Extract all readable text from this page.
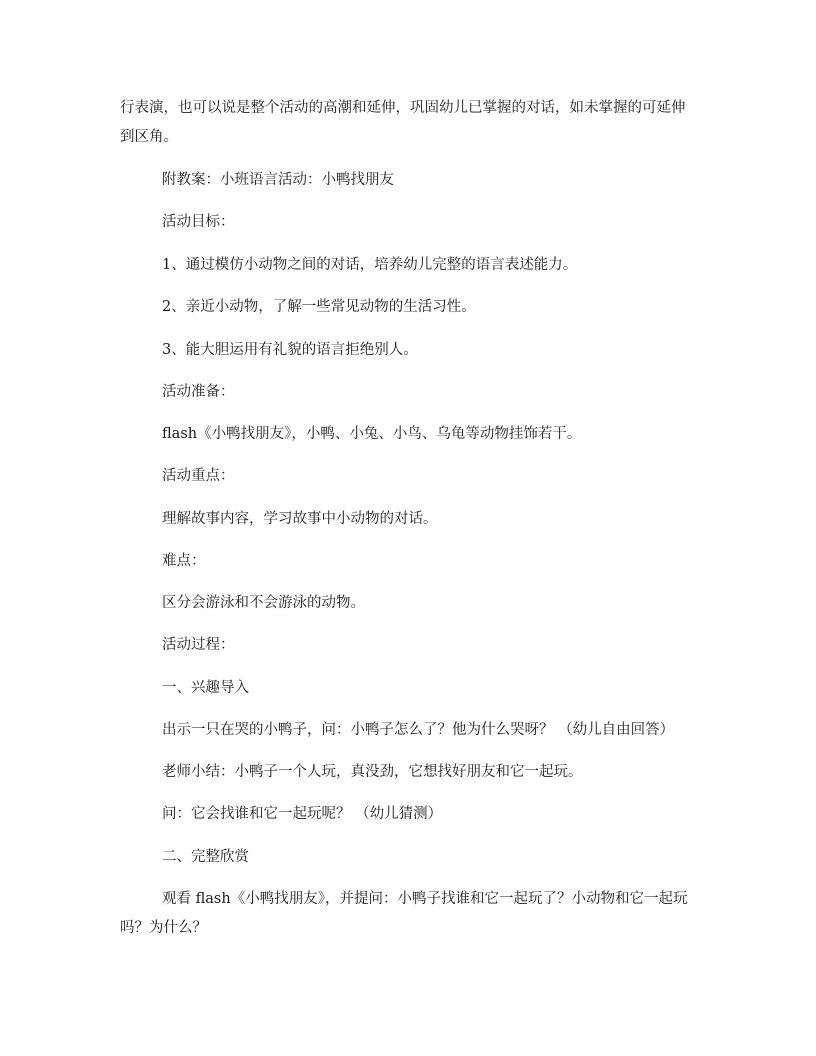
行表演，也可以说是整个活动的高潮和延伸，巩固幼儿已掌握的对话，如未掌握的可延伸
到区角。
附教案：小班语言活动：小鸭找朋友
活动目标：
1、通过模仿小动物之间的对话，培养幼儿完整的语言表述能力。
2、亲近小动物，了解一些常见动物的生活习性。
3、能大胆运用有礼貌的语言拒绝别人。
活动准备：
flash《小鸭找朋友》，小鸭、小兔、小鸟、乌龟等动物挂饰若干。
活动重点：
理解故事内容，学习故事中小动物的对话。
难点：
区分会游泳和不会游泳的动物。
活动过程：
一、兴趣导入
出示一只在哭的小鸭子，问：小鸭子怎么了？他为什么哭呀？ （幼儿自由回答）
老师小结：小鸭子一个人玩，真没劲，它想找好朋友和它一起玩。
问：它会找谁和它一起玩呢？ （幼儿猜测）
二、完整欣赏
观看 flash《小鸭找朋友》，并提问：小鸭子找谁和它一起玩了？小动物和它一起玩
吗？为什么？
